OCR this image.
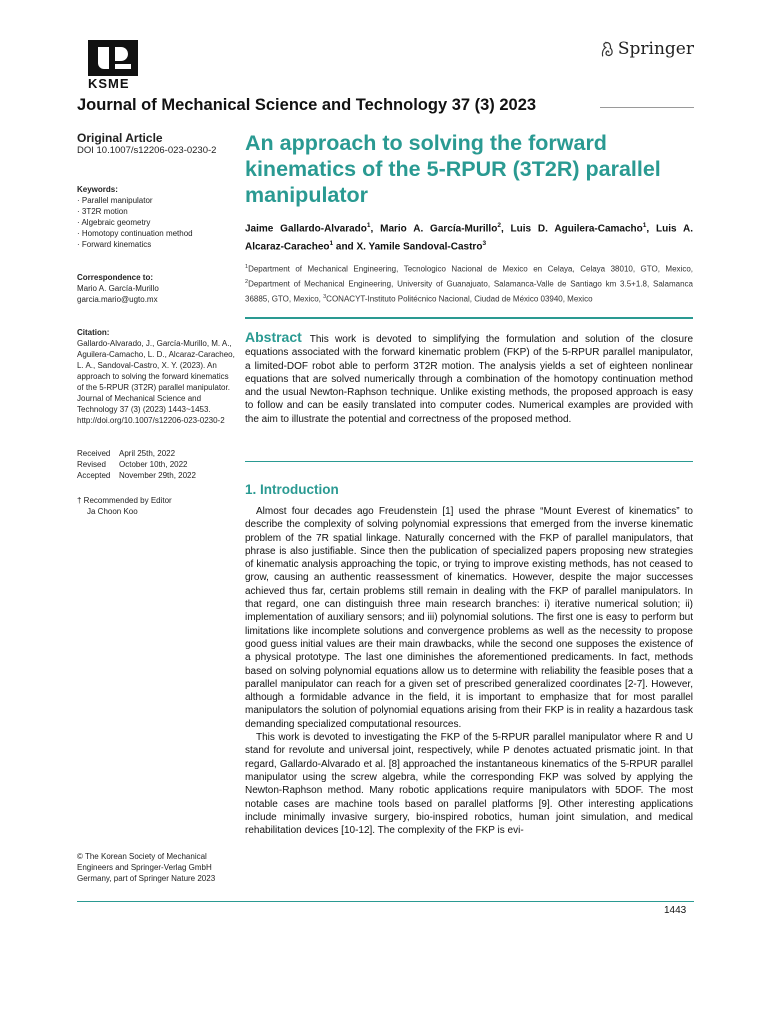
KSME
Springer
Journal of Mechanical Science and Technology 37 (3) 2023
Original Article
DOI 10.1007/s12206-023-0230-2
Keywords:
· Parallel manipulator
· 3T2R motion
· Algebraic geometry
· Homotopy continuation method
· Forward kinematics
Correspondence to:
Mario A. García-Murillo
garcia.mario@ugto.mx
Citation:
Gallardo-Alvarado, J., García-Murillo, M. A., Aguilera-Camacho, L. D., Alcaraz-Caracheo, L. A., Sandoval-Castro, X. Y. (2023). An approach to solving the forward kinematics of the 5-RPUR (3T2R) parallel manipulator. Journal of Mechanical Science and Technology 37 (3) (2023) 1443~1453.
http://doi.org/10.1007/s12206-023-0230-2
Received	April 25th, 2022
Revised	October 10th, 2022
Accepted	November 29th, 2022
† Recommended by Editor
Ja Choon Koo
© The Korean Society of Mechanical Engineers and Springer-Verlag GmbH Germany, part of Springer Nature 2023
An approach to solving the forward kinematics of the 5-RPUR (3T2R) parallel manipulator
Jaime Gallardo-Alvarado$^1$, Mario A. García-Murillo$^2$, Luis D. Aguilera-Camacho$^1$, Luis A. Alcaraz-Caracheo$^1$ and X. Yamile Sandoval-Castro$^3$
$^1$Department of Mechanical Engineering, Tecnologico Nacional de Mexico en Celaya, Celaya 38010, GTO, Mexico, $^2$Department of Mechanical Engineering, University of Guanajuato, Salamanca-Valle de Santiago km 3.5+1.8, Salamanca 36885, GTO, Mexico, $^3$CONACYT-Instituto Politécnico Nacional, Ciudad de México 03940, Mexico
Abstract This work is devoted to simplifying the formulation and solution of the closure equations associated with the forward kinematic problem (FKP) of the 5-RPUR parallel manipulator, a limited-DOF robot able to perform 3T2R motion. The analysis yields a set of eighteen nonlinear equations that are solved numerically through a combination of the homotopy continuation method and the usual Newton-Raphson technique. Unlike existing methods, the proposed approach is easy to follow and can be easily translated into computer codes. Numerical examples are provided with the aim to illustrate the potential and correctness of the proposed method.
1. Introduction

Almost four decades ago Freudenstein [1] used the phrase “Mount Everest of kinematics” to describe the complexity of solving polynomial expressions that emerged from the inverse kinematic problem of the 7R spatial linkage. Naturally concerned with the FKP of parallel manipulators, that phrase is also justifiable. Since then the publication of specialized papers proposing new strategies of kinematic analysis approaching the topic, or trying to improve existing methods, has not ceased to grow, causing an authentic reassessment of kinematics. However, despite the major successes achieved thus far, certain problems still remain in dealing with the FKP of parallel manipulators. In that regard, one can distinguish three main research branches: i) iterative numerical solution; ii) implementation of auxiliary sensors; and iii) polynomial solutions. The first one is easy to perform but limitations like incomplete solutions and convergence problems as well as the necessity to propose good guess initial values are their main drawbacks, while the second one supposes the existence of a physical prototype. The last one diminishes the aforementioned predicaments. In fact, methods based on solving polynomial equations allow us to determine with reliability the feasible poses that a parallel manipulator can reach for a given set of prescribed generalized coordinates [2-7]. However, although a formidable advance in the field, it is important to emphasize that for most parallel manipulators the solution of polynomial equations arising from their FKP is in reality a hazardous task demanding specialized computational resources.

This work is devoted to investigating the FKP of the 5-RPUR parallel manipulator where R and U stand for revolute and universal joint, respectively, while P denotes actuated prismatic joint. In that regard, Gallardo-Alvarado et al. [8] approached the instantaneous kinematics of the 5-RPUR parallel manipulator using the screw algebra, while the corresponding FKP was solved by applying the Newton-Raphson method. Many robotic applications require manipulators with 5DOF. The most notable cases are machine tools based on parallel platforms [9]. Other interesting applications include minimally invasive surgery, bio-inspired robotics, human joint simulation, and medical rehabilitation devices [10-12]. The complexity of the FKP is evi-

1443
